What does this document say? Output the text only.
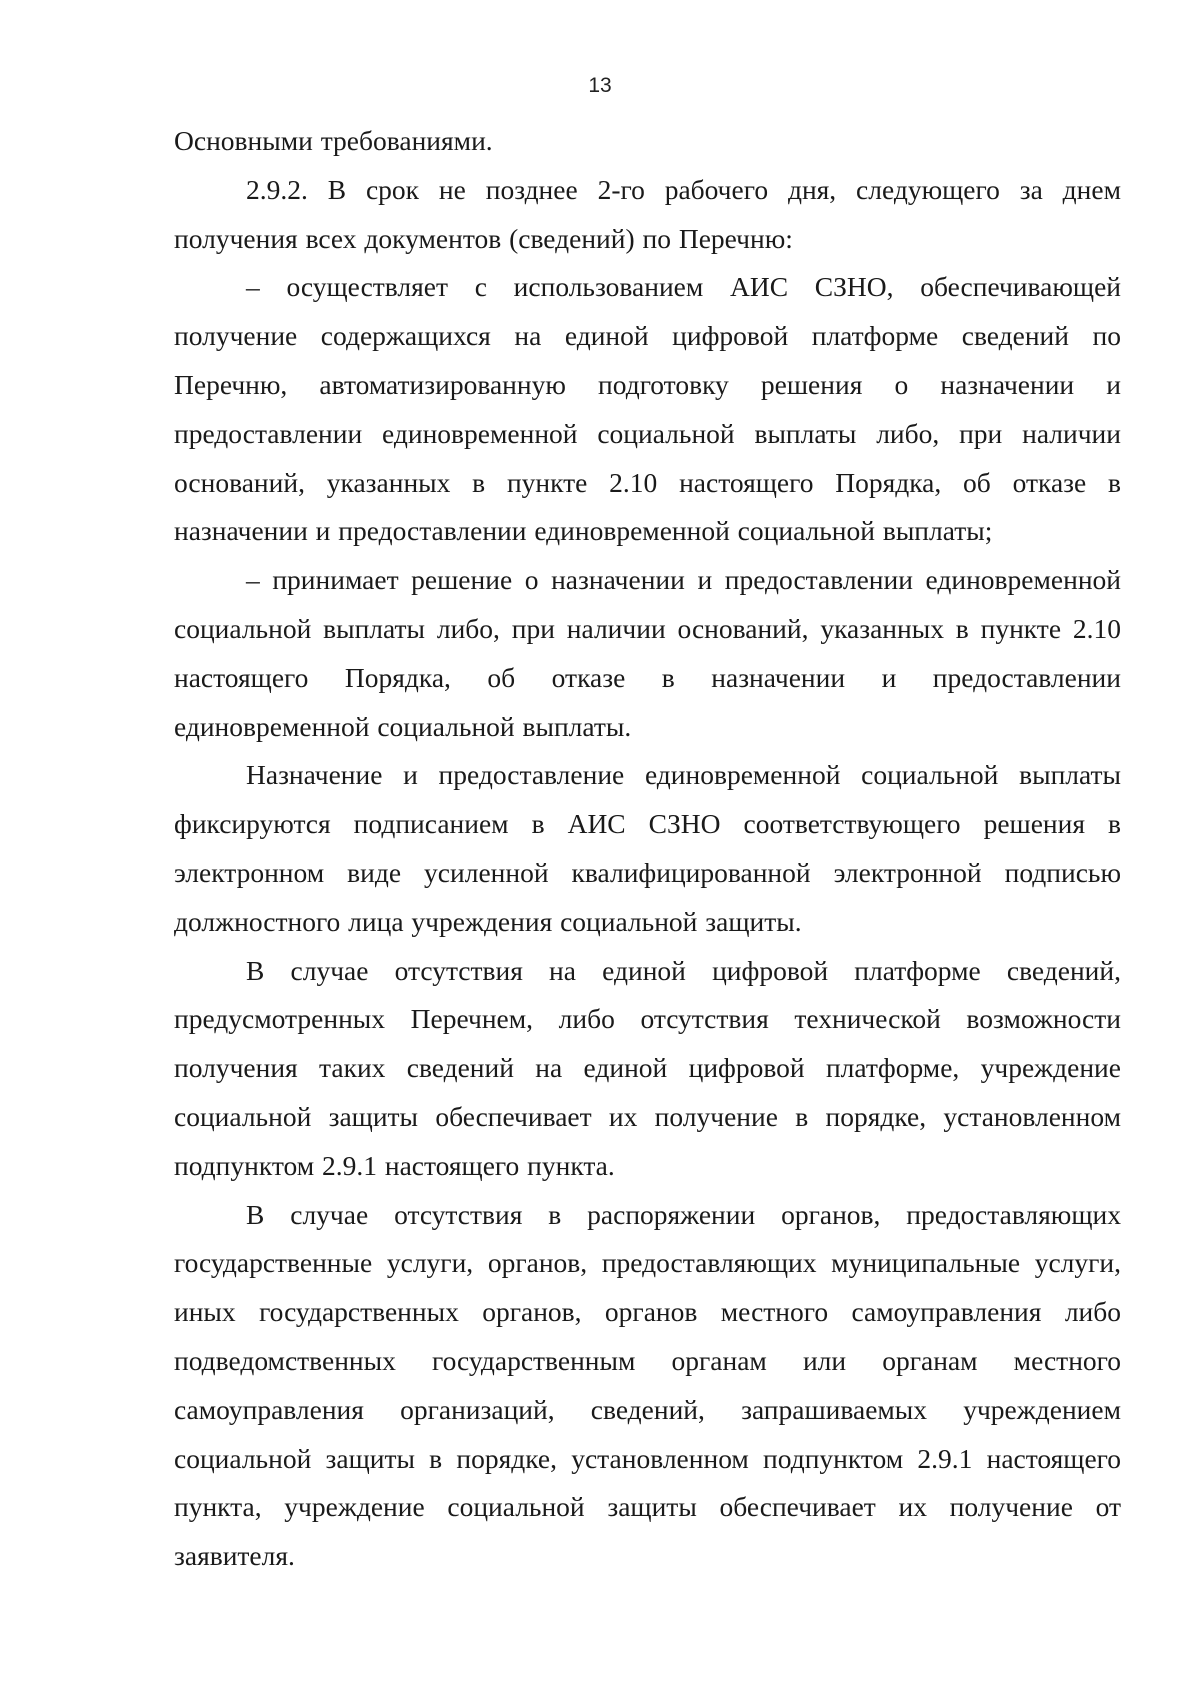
13

Основными требованиями.

2.9.2. В срок не позднее 2-го рабочего дня, следующего за днем получения всех документов (сведений) по Перечню:

– осуществляет с использованием АИС СЗНО, обеспечивающей получение содержащихся на единой цифровой платформе сведений по Перечню, автоматизированную подготовку решения о назначении и предоставлении единовременной социальной выплаты либо, при наличии оснований, указанных в пункте 2.10 настоящего Порядка, об отказе в назначении и предоставлении единовременной социальной выплаты;

– принимает решение о назначении и предоставлении единовременной социальной выплаты либо, при наличии оснований, указанных в пункте 2.10 настоящего Порядка, об отказе в назначении и предоставлении единовременной социальной выплаты.

Назначение и предоставление единовременной социальной выплаты фиксируются подписанием в АИС СЗНО соответствующего решения в электронном виде усиленной квалифицированной электронной подписью должностного лица учреждения социальной защиты.

В случае отсутствия на единой цифровой платформе сведений, предусмотренных Перечнем, либо отсутствия технической возможности получения таких сведений на единой цифровой платформе, учреждение социальной защиты обеспечивает их получение в порядке, установленном подпунктом 2.9.1 настоящего пункта.

В случае отсутствия в распоряжении органов, предоставляющих государственные услуги, органов, предоставляющих муниципальные услуги, иных государственных органов, органов местного самоуправления либо подведомственных государственным органам или органам местного самоуправления организаций, сведений, запрашиваемых учреждением социальной защиты в порядке, установленном подпунктом 2.9.1 настоящего пункта, учреждение социальной защиты обеспечивает их получение от заявителя.
